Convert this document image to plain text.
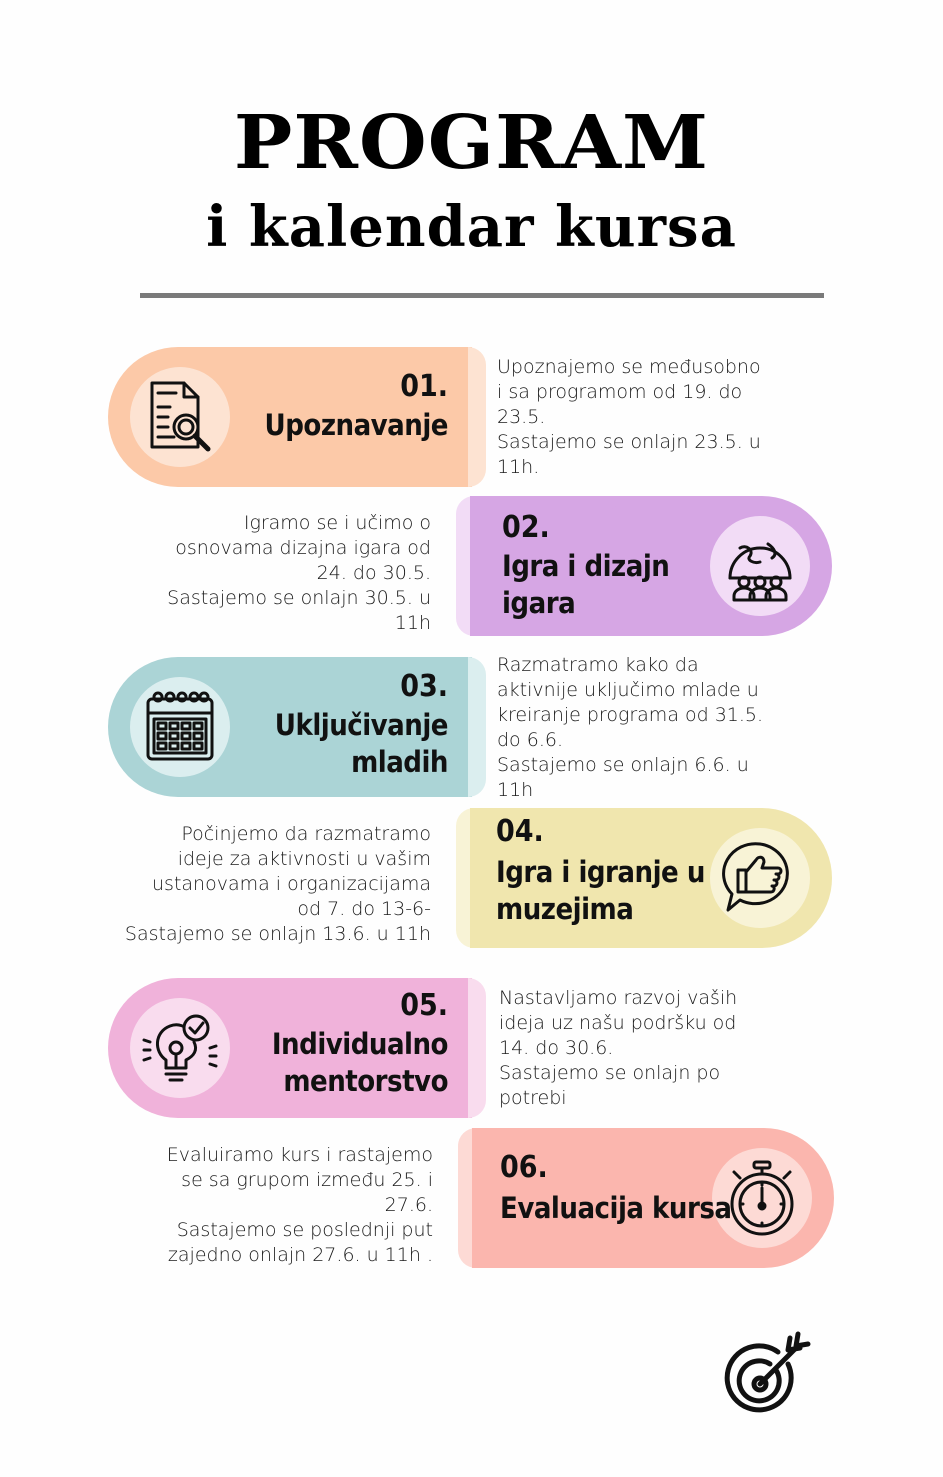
PROGRAM
i kalendar kursa
01.
Upoznavanje
Upoznajemo se međusobno
i sa programom od 19. do
23.5.
Sastajemo se onlajn 23.5. u
11h.
02.
Igra i dizajn
igara
Igramo se i učimo o
osnovama dizajna igara od
24. do 30.5.
Sastajemo se onlajn 30.5. u
11h
03.
Uključivanje
mladih
Razmatramo kako da
aktivnije uključimo mlade u
kreiranje programa od 31.5.
do 6.6.
Sastajemo se onlajn 6.6. u
11h
04.
Igra i igranje u
muzejima
Počinjemo da razmatramo
ideje za aktivnosti u vašim
ustanovama i organizacijama
od 7. do 13-6-
Sastajemo se onlajn 13.6. u 11h
05.
Individualno
mentorstvo
Nastavljamo razvoj vaših
ideja uz našu podršku od
14. do 30.6.
Sastajemo se onlajn po
potrebi
06.
Evaluacija kursa
Evaluiramo kurs i rastajemo
se sa grupom između 25. i
27.6.
Sastajemo se poslednji put
zajedno onlajn 27.6. u 11h .
